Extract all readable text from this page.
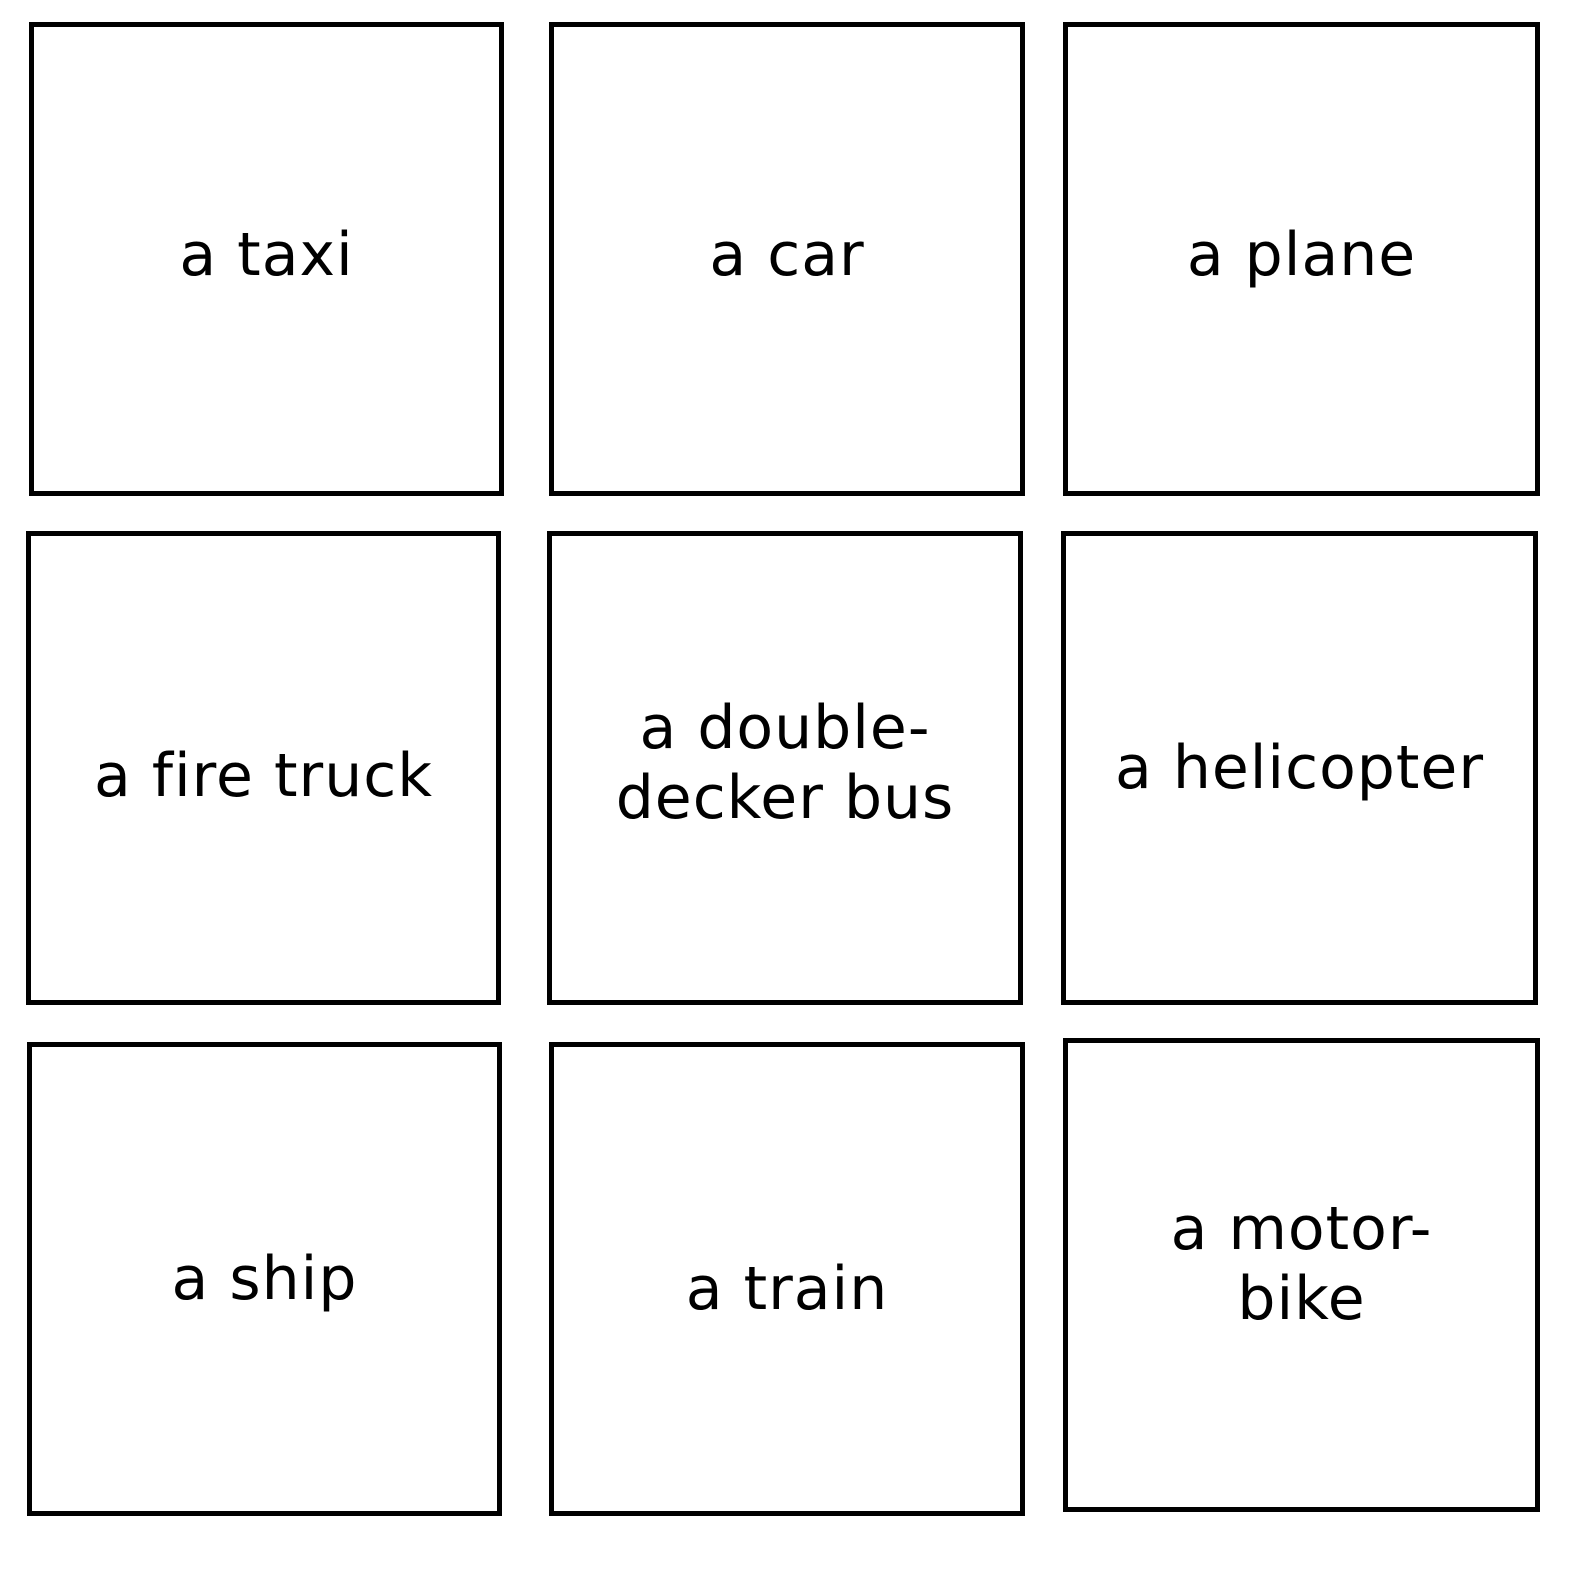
a taxi	a car	a plane
a fire truck
a double-
decker bus	a helicopter
a ship	a train
a motor-
bike
